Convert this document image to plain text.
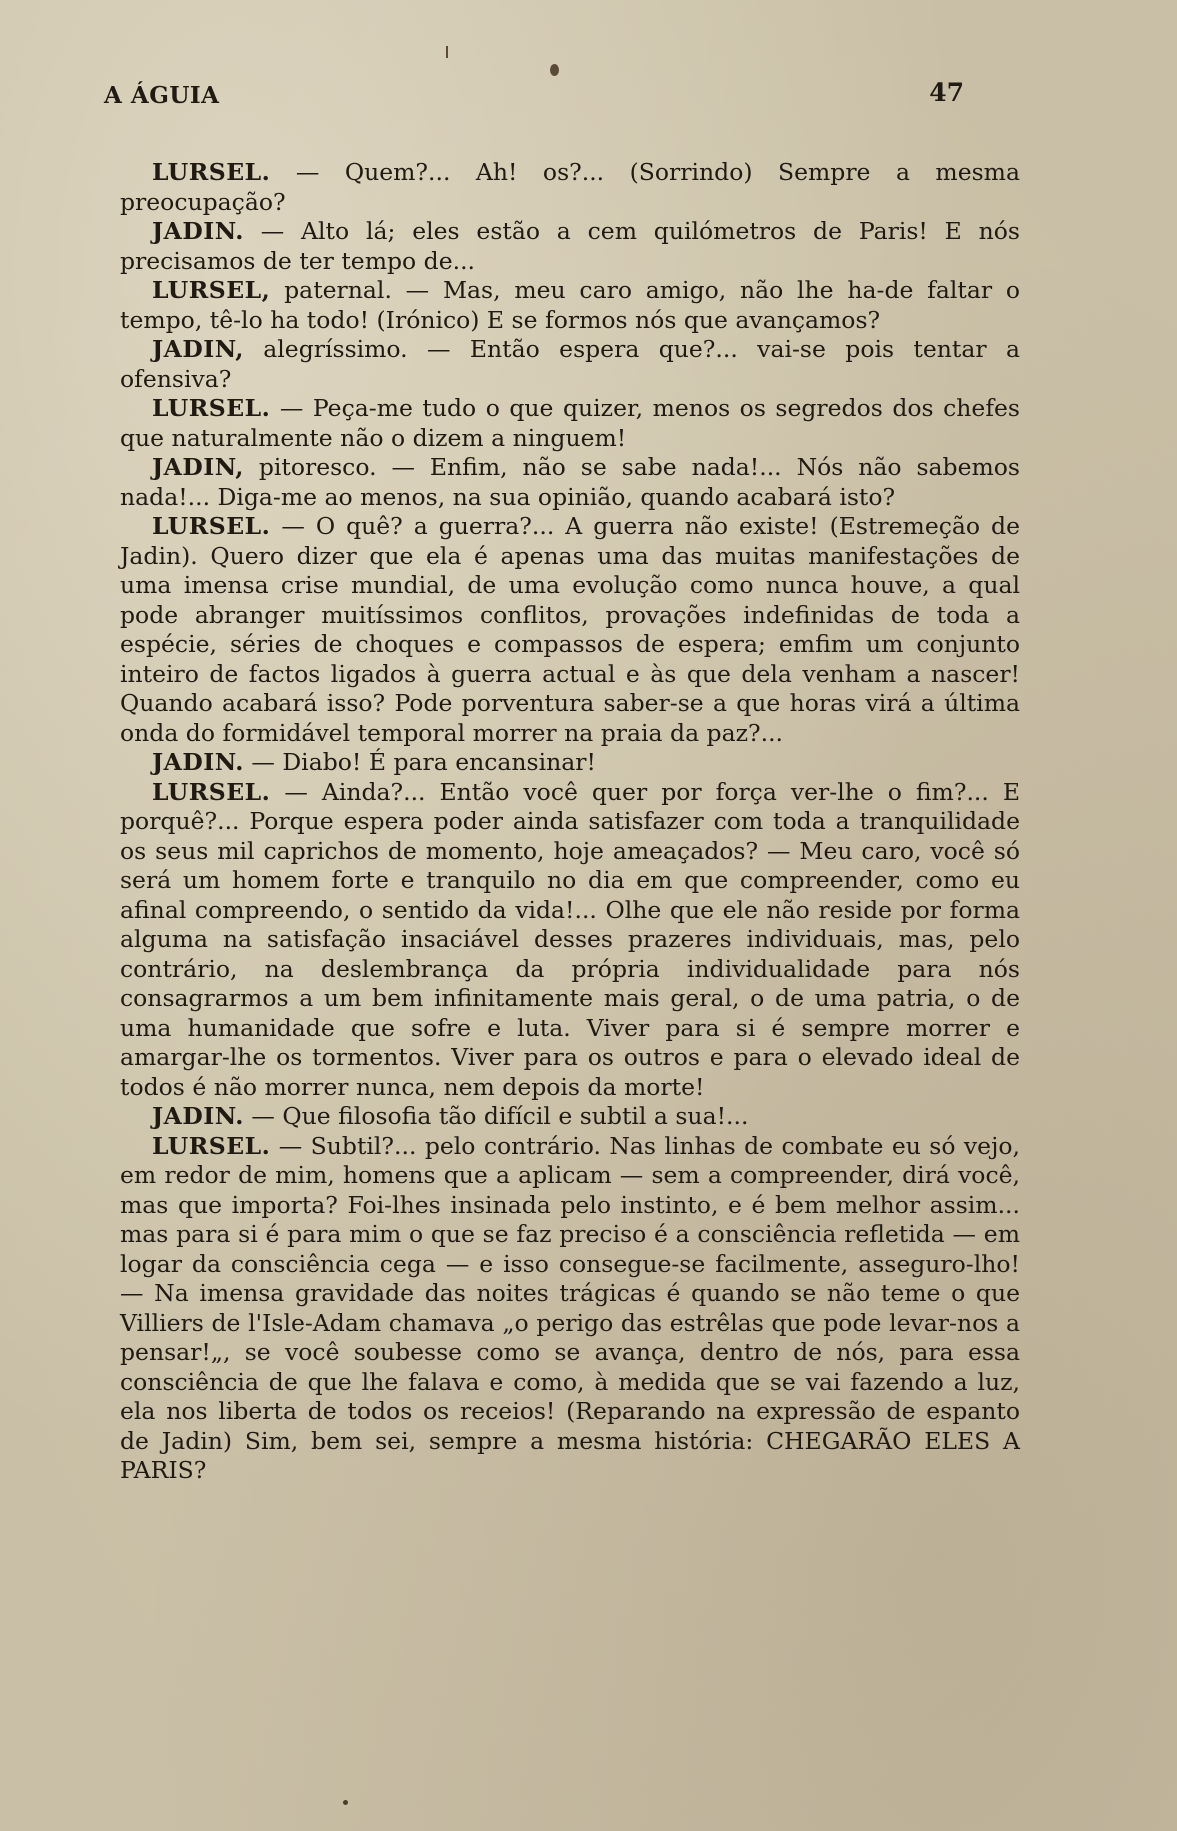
A ÁGUIA	47

LURSEL. — Quem?... Ah! os?... (Sorrindo) Sempre a mesma preocupação?

JADIN. — Alto lá; eles estão a cem quilómetros de Paris! E nós precisamos de ter tempo de...

LURSEL, paternal. — Mas, meu caro amigo, não lhe ha-de faltar o tempo, tê-lo ha todo! (Irónico) E se formos nós que avançamos?

JADIN, alegríssimo. — Então espera que?... vai-se pois tentar a ofensiva?

LURSEL. — Peça-me tudo o que quizer, menos os segredos dos chefes que naturalmente não o dizem a ninguem!

JADIN, pitoresco. — Enfim, não se sabe nada!... Nós não sabemos nada!... Diga-me ao menos, na sua opinião, quando acabará isto?

LURSEL. — O quê? a guerra?... A guerra não existe! (Estremeção de Jadin). Quero dizer que ela é apenas uma das muitas manifestações de uma imensa crise mundial, de uma evolução como nunca houve, a qual pode abranger muitíssimos conflitos, provações indefinidas de toda a espécie, séries de choques e compassos de espera; emfim um conjunto inteiro de factos ligados à guerra actual e às que dela venham a nascer! Quando acabará isso? Pode porventura saber-se a que horas virá a última onda do formidável temporal morrer na praia da paz?...

JADIN. — Diabo! É para encansinar!

LURSEL. — Ainda?... Então você quer por força ver-lhe o fim?... E porquê?... Porque espera poder ainda satisfazer com toda a tranquilidade os seus mil caprichos de momento, hoje ameaçados? — Meu caro, você só será um homem forte e tranquilo no dia em que compreender, como eu afinal compreendo, o sentido da vida!... Olhe que ele não reside por forma alguma na satisfação insaciável desses prazeres individuais, mas, pelo contrário, na deslembrança da própria individualidade para nós consagrarmos a um bem infinitamente mais geral, o de uma patria, o de uma humanidade que sofre e luta. Viver para si é sempre morrer e amargar-lhe os tormentos. Viver para os outros e para o elevado ideal de todos é não morrer nunca, nem depois da morte!

JADIN. — Que filosofia tão difícil e subtil a sua!...

LURSEL. — Subtil?... pelo contrário. Nas linhas de combate eu só vejo, em redor de mim, homens que a aplicam — sem a compreender, dirá você, mas que importa? Foi-lhes insinada pelo instinto, e é bem melhor assim... mas para si é para mim o que se faz preciso é a consciência refletida — em logar da consciência cega — e isso consegue-se facilmente, asseguro-lho! — Na imensa gravidade das noites trágicas é quando se não teme o que Villiers de l'Isle-Adam chamava „o perigo das estrêlas que pode levar-nos a pensar!„, se você soubesse como se avança, dentro de nós, para essa consciência de que lhe falava e como, à medida que se vai fazendo a luz, ela nos liberta de todos os receios! (Reparando na expressão de espanto de Jadin) Sim, bem sei, sempre a mesma história: CHEGARÃO ELES A PARIS?
